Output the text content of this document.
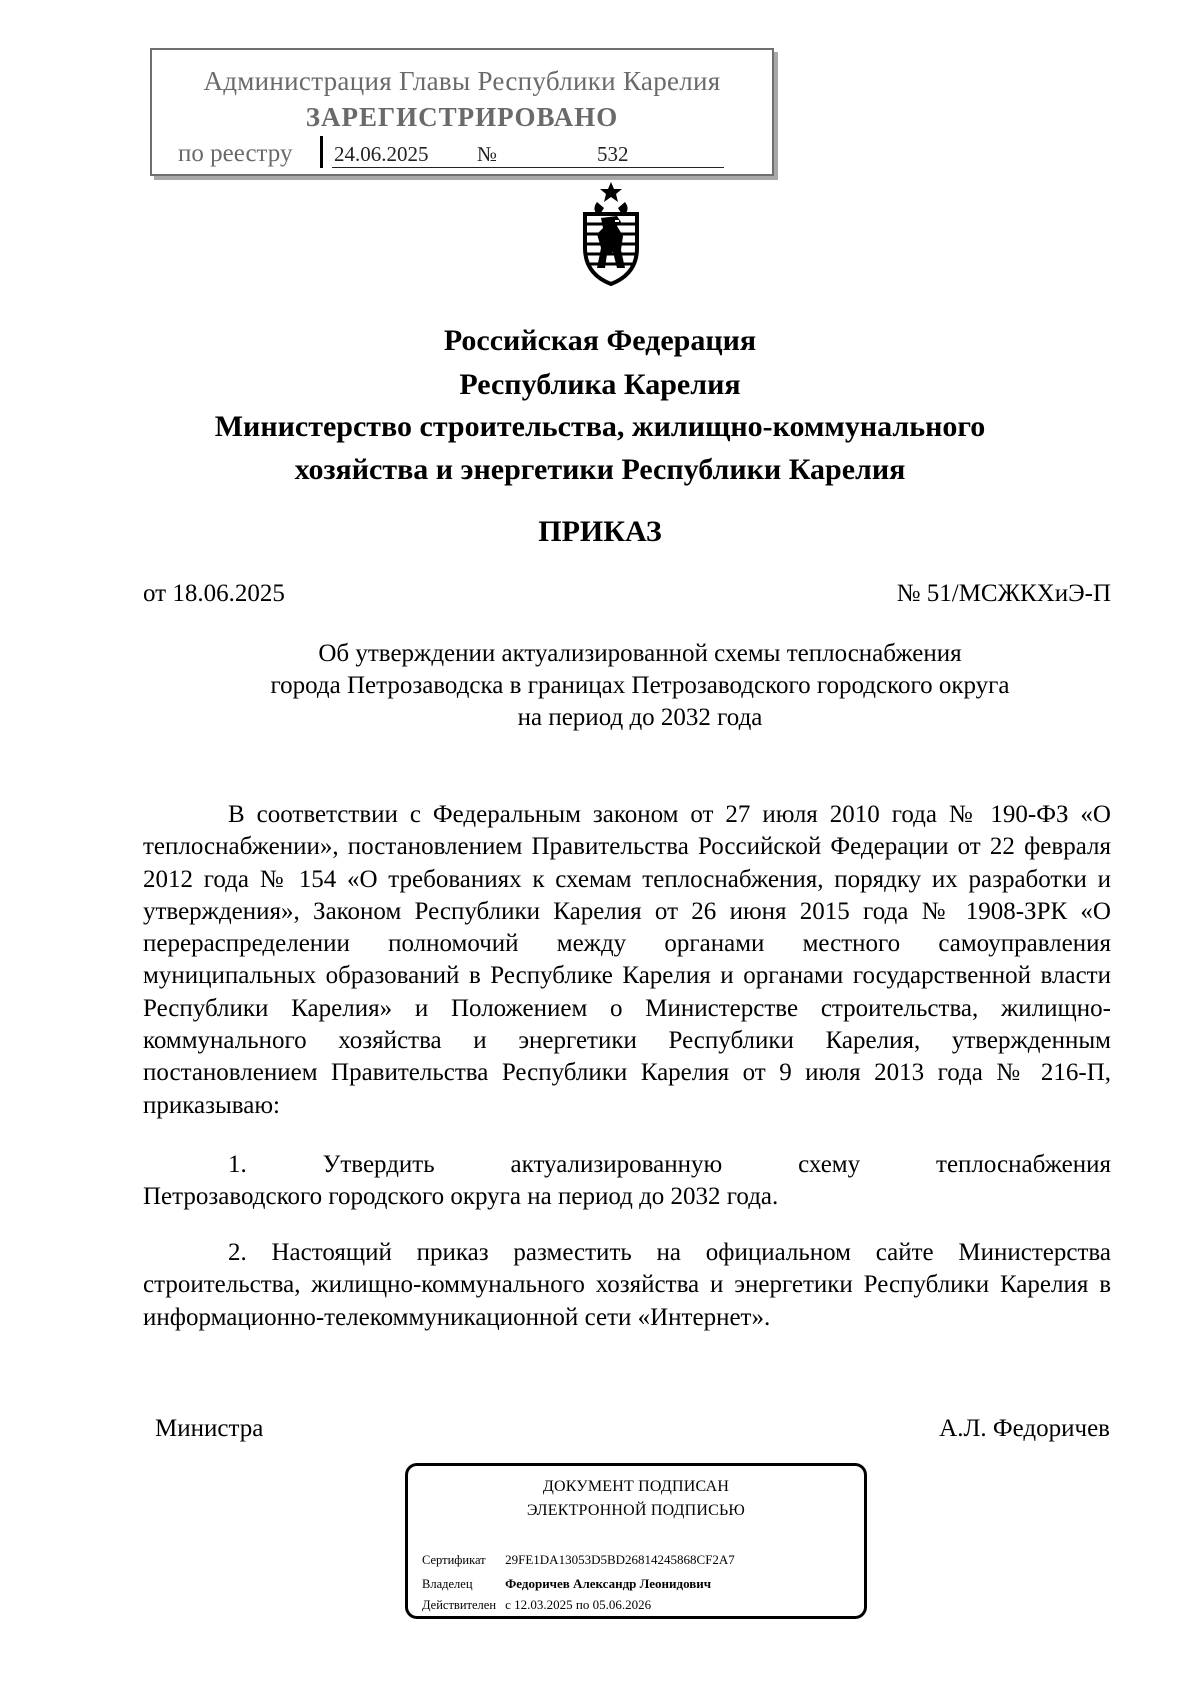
Администрация Главы Республики Карелия
ЗАРЕГИСТРИРОВАНО
по реестру 24.06.2025 №	532
Российская Федерация
Республика Карелия
Министерство строительства, жилищно-коммунального
хозяйства и энергетики Республики Карелия
ПРИКАЗ
от 18.06.2025	№ 51/МСЖКХиЭ-П
Об утверждении актуализированной схемы теплоснабжения
города Петрозаводска в границах Петрозаводского городского округа
на период до 2032 года
В соответствии с Федеральным законом от 27 июля 2010 года № 190-ФЗ «О теплоснабжении», постановлением Правительства Российской Федерации от 22 февраля 2012 года № 154 «О требованиях к схемам теплоснабжения, порядку их разработки и утверждения», Законом Республики Карелия от 26 июня 2015 года № 1908-ЗРК «О перераспределении полномочий между органами местного самоуправления муниципальных образований в Республике Карелия и органами государственной власти Республики Карелия» и Положением о Министерстве строительства, жилищно-коммунального хозяйства и энергетики Республики Карелия, утвержденным постановлением Правительства Республики Карелия от 9 июля 2013 года № 216-П, приказываю:
1.	Утвердить	актуализированную	схему	теплоснабжения
Петрозаводского городского округа на период до 2032 года.
2. Настоящий приказ разместить на официальном сайте Министерства строительства, жилищно-коммунального хозяйства и энергетики Республики Карелия в информационно-телекоммуникационной сети «Интернет».
Министра	А.Л. Федоричев
ДОКУМЕНТ ПОДПИСАН
ЭЛЕКТРОННОЙ ПОДПИСЬЮ
Сертификат 29FE1DA13053D5BD26814245868CF2A7
Владелец	Федоричев Александр Леонидович
Действителен с 12.03.2025 по 05.06.2026
